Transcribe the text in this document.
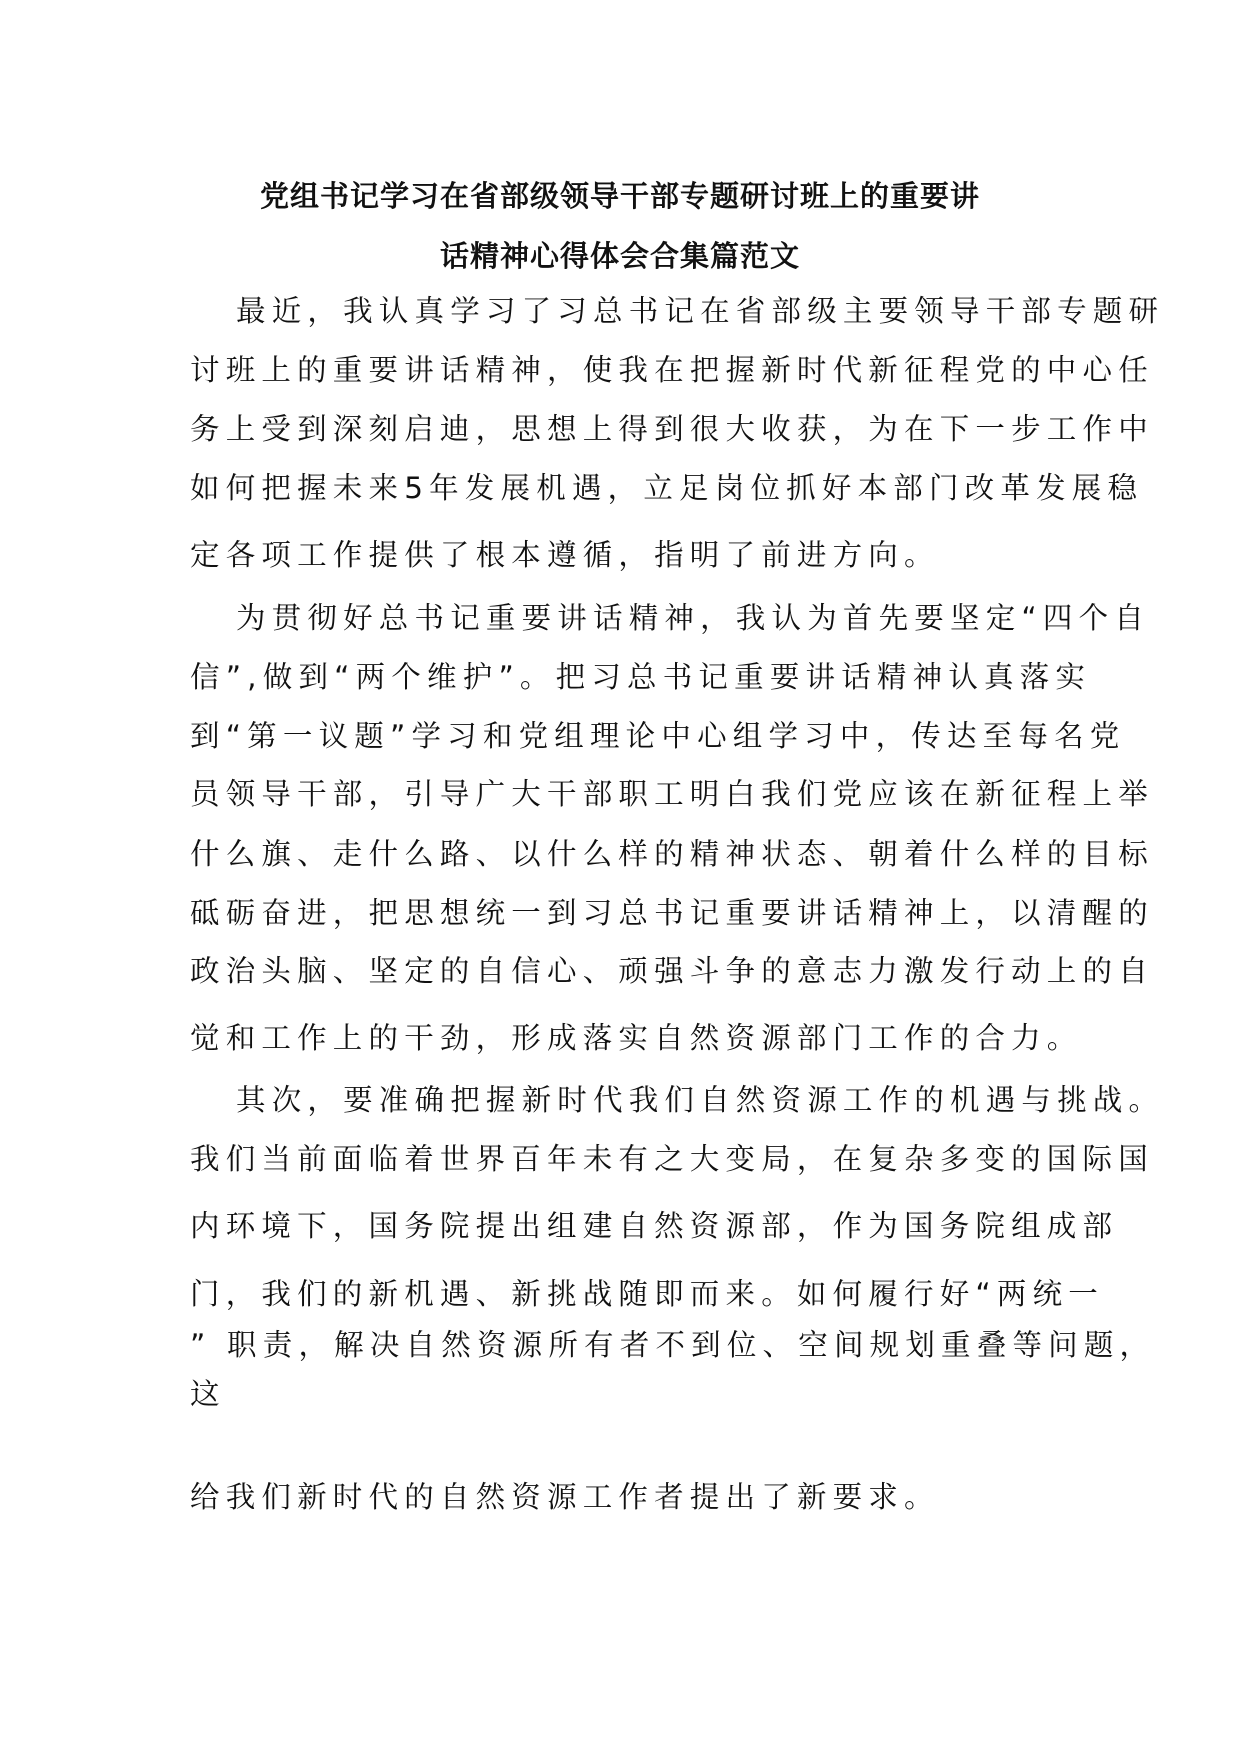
党组书记学习在省部级领导干部专题研讨班上的重要讲
话精神心得体会合集篇范文
最近，我认真学习了习总书记在省部级主要领导干部专题研
讨班上的重要讲话精神，使我在把握新时代新征程党的中心任
务上受到深刻启迪，思想上得到很大收获，为在下一步工作中
如何把握未来5年发展机遇，立足岗位抓好本部门改革发展稳
定各项工作提供了根本遵循，指明了前进方向。
为贯彻好总书记重要讲话精神，我认为首先要坚定“四个自
信”,做到“两个维护”。把习总书记重要讲话精神认真落实
到“第一议题”学习和党组理论中心组学习中，传达至每名党
员领导干部，引导广大干部职工明白我们党应该在新征程上举
什么旗、走什么路、以什么样的精神状态、朝着什么样的目标
砥砺奋进，把思想统一到习总书记重要讲话精神上，以清醒的
政治头脑、坚定的自信心、顽强斗争的意志力激发行动上的自
觉和工作上的干劲，形成落实自然资源部门工作的合力。
其次，要准确把握新时代我们自然资源工作的机遇与挑战。
我们当前面临着世界百年未有之大变局，在复杂多变的国际国
内环境下，国务院提出组建自然资源部，作为国务院组成部
门，我们的新机遇、新挑战随即而来。如何履行好“两统一
” 职责，解决自然资源所有者不到位、空间规划重叠等问题，
这
给我们新时代的自然资源工作者提出了新要求。
